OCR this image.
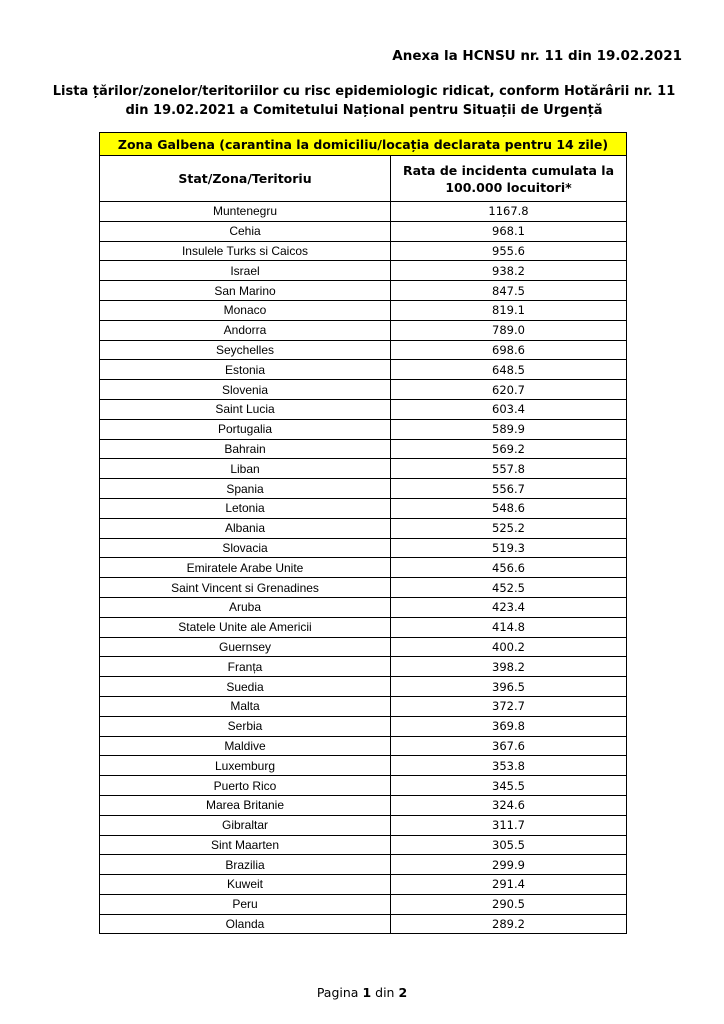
Anexa la HCNSU nr. 11 din 19.02.2021
Lista țărilor/zonelor/teritoriilor cu risc epidemiologic ridicat, conform Hotărârii nr. 11 din 19.02.2021 a Comitetului Național pentru Situații de Urgență
Zona Galbena (carantina la domiciliu/locația declarata pentru 14 zile)	
Stat/Zona/Teritoriu	Rata de incidenta cumulata la 100.000 locuitori*
Muntenegru	1167.8
Cehia	968.1
Insulele Turks si Caicos	955.6
Israel	938.2
San Marino	847.5
Monaco	819.1
Andorra	789.0
Seychelles	698.6
Estonia	648.5
Slovenia	620.7
Saint Lucia	603.4
Portugalia	589.9
Bahrain	569.2
Liban	557.8
Spania	556.7
Letonia	548.6
Albania	525.2
Slovacia	519.3
Emiratele Arabe Unite	456.6
Saint Vincent si Grenadines	452.5
Aruba	423.4
Statele Unite ale Americii	414.8
Guernsey	400.2
Franța	398.2
Suedia	396.5
Malta	372.7
Serbia	369.8
Maldive	367.6
Luxemburg	353.8
Puerto Rico	345.5
Marea Britanie	324.6
Gibraltar	311.7
Sint Maarten	305.5
Brazilia	299.9
Kuweit	291.4
Peru	290.5
Olanda	289.2
Pagina 1 din 2
